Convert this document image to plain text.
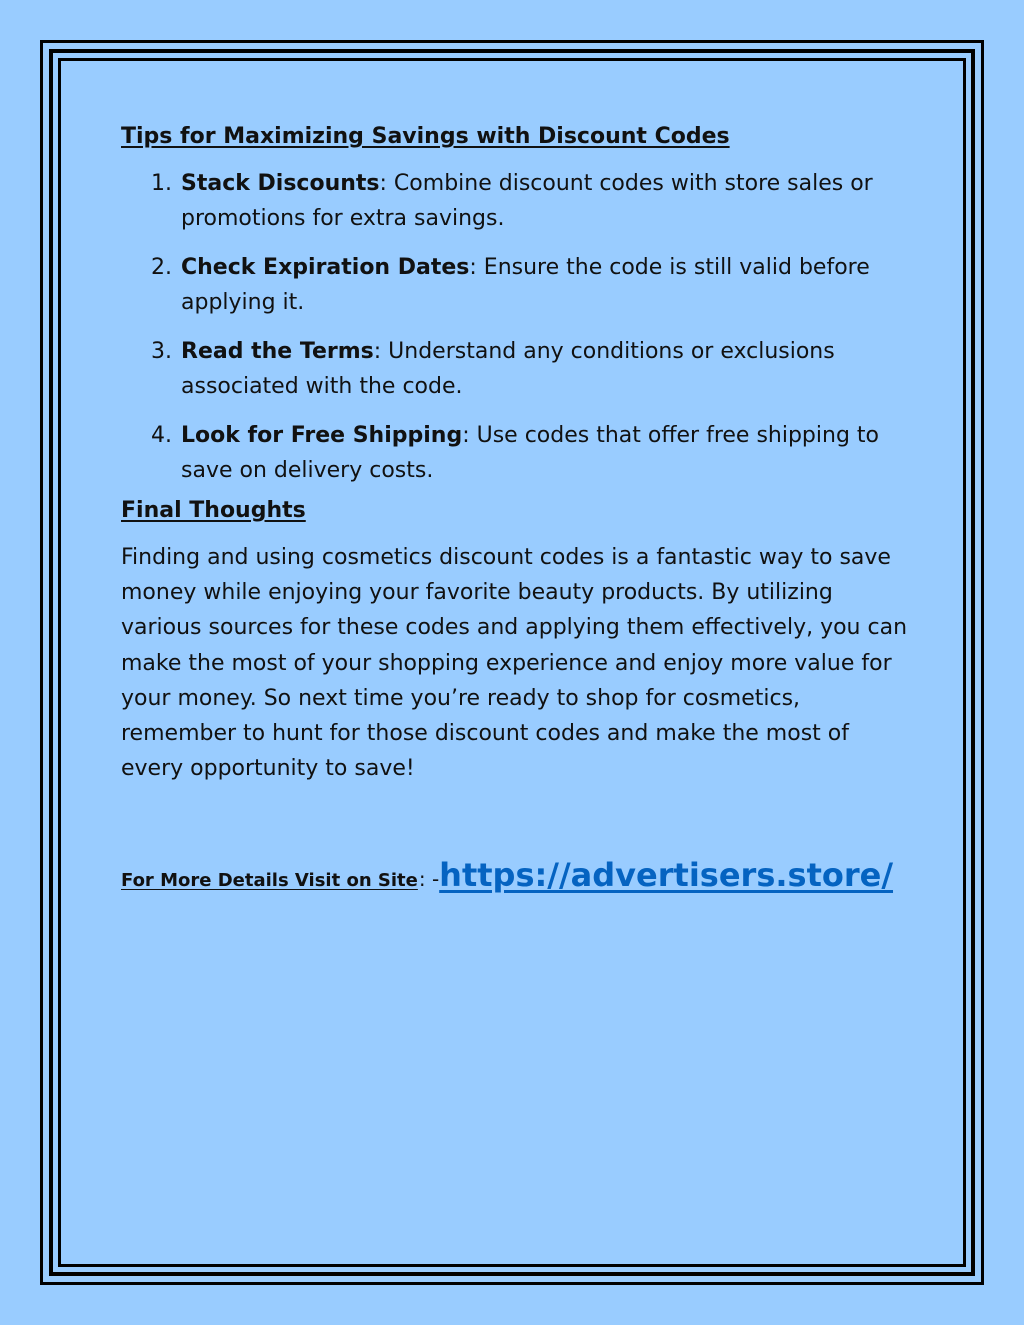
Tips for Maximizing Savings with Discount Codes
1. Stack Discounts: Combine discount codes with store sales or promotions for extra savings.
2. Check Expiration Dates: Ensure the code is still valid before applying it.
3. Read the Terms: Understand any conditions or exclusions associated with the code.
4. Look for Free Shipping: Use codes that offer free shipping to save on delivery costs.
Final Thoughts

Finding and using cosmetics discount codes is a fantastic way to save money while enjoying your favorite beauty products. By utilizing various sources for these codes and applying them effectively, you can make the most of your shopping experience and enjoy more value for your money. So next time you’re ready to shop for cosmetics, remember to hunt for those discount codes and make the most of every opportunity to save!

For More Details Visit on Site : - https://advertisers.store/
